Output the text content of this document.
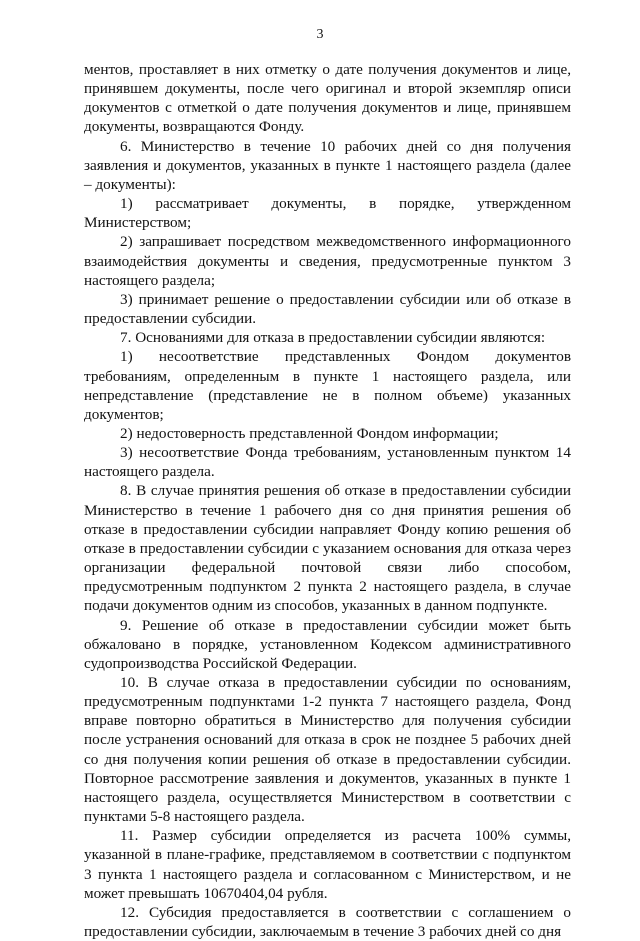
3

ментов, проставляет в них отметку о дате получения документов и лице, принявшем документы, после чего оригинал и второй экземпляр описи документов с отметкой о дате получения документов и лице, принявшем документы, возвращаются Фонду.

6. Министерство в течение 10 рабочих дней со дня получения заявления и документов, указанных в пункте 1 настоящего раздела (далее – документы):

1) рассматривает документы, в порядке, утвержденном Министерством;

2) запрашивает посредством межведомственного информационного взаимодействия документы и сведения, предусмотренные пунктом 3 настоящего раздела;

3) принимает решение о предоставлении субсидии или об отказе в предоставлении субсидии.

7. Основаниями для отказа в предоставлении субсидии являются:

1) несоответствие представленных Фондом документов требованиям, определенным в пункте 1 настоящего раздела, или непредставление (представление не в полном объеме) указанных документов;

2) недостоверность представленной Фондом информации;

3) несоответствие Фонда требованиям, установленным пунктом 14 настоящего раздела.

8. В случае принятия решения об отказе в предоставлении субсидии Министерство в течение 1 рабочего дня со дня принятия решения об отказе в предоставлении субсидии направляет Фонду копию решения об отказе в предоставлении субсидии с указанием основания для отказа через организации федеральной почтовой связи либо способом, предусмотренным подпунктом 2 пункта 2 настоящего раздела, в случае подачи документов одним из способов, указанных в данном подпункте.

9. Решение об отказе в предоставлении субсидии может быть обжаловано в порядке, установленном Кодексом административного судопроизводства Российской Федерации.

10. В случае отказа в предоставлении субсидии по основаниям, предусмотренным подпунктами 1-2 пункта 7 настоящего раздела, Фонд вправе повторно обратиться в Министерство для получения субсидии после устранения оснований для отказа в срок не позднее 5 рабочих дней со дня получения копии решения об отказе в предоставлении субсидии. Повторное рассмотрение заявления и документов, указанных в пункте 1 настоящего раздела, осуществляется Министерством в соответствии с пунктами 5-8 настоящего раздела.

11. Размер субсидии определяется из расчета 100% суммы, указанной в плане-графике, представляемом в соответствии с подпунктом 3 пункта 1 настоящего раздела и согласованном с Министерством, и не может превышать 10670404,04 рубля.

12. Субсидия предоставляется в соответствии с соглашением о предоставлении субсидии, заключаемым в течение 3 рабочих дней со дня
